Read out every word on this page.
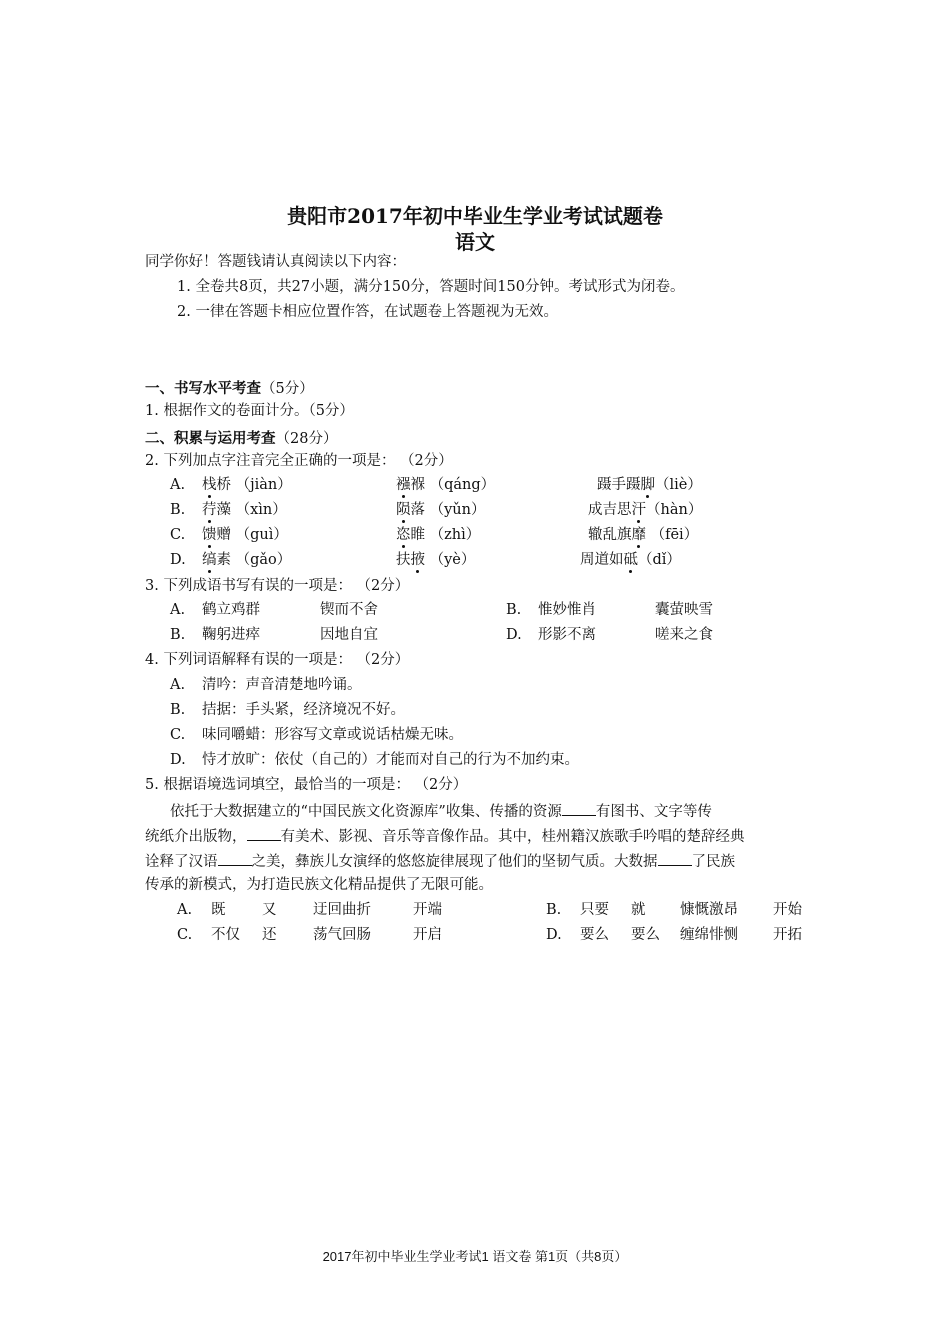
贵阳市2017年初中毕业生学业考试试题卷
语文
同学你好！答题钱请认真阅读以下内容：
1. 全卷共8页，共27小题，满分150分，答题时间150分钟。考试形式为闭卷。
2. 一律在答题卡相应位置作答，在试题卷上答题视为无效。
一、书写水平考查（5分）
1. 根据作文的卷面计分。（5分）
二、积累与运用考查（28分）
2. 下列加点字注音完全正确的一项是： （2分）
A. 栈桥 （jiàn）	襁褓 （qáng）	蹑手蹑脚（liè）
B. 荇藻 （xìn）	陨落 （yǔn）	成吉思汗（hàn）
C. 馈赠 （guì）	恣睢 （zhì）	辙乱旗靡 （fēi）
D. 缟素 （gǎo）	扶掖 （yè）	周道如砥（dǐ）
3. 下列成语书写有误的一项是： （2分）
A. 鹤立鸡群	锲而不舍	B. 惟妙惟肖	囊萤映雪
B. 鞠躬进瘁	因地自宜	D. 形影不离	嗟来之食
4. 下列词语解释有误的一项是： （2分）
A. 清吟：声音清楚地吟诵。
B. 拮据：手头紧，经济境况不好。
C. 味同嚼蜡：形容写文章或说话枯燥无味。
D. 恃才放旷：依仗（自己的）才能而对自己的行为不加约束。
5. 根据语境选词填空，最恰当的一项是： （2分）
依托于大数据建立的“中国民族文化资源库”收集、传播的资源 有图书、文字等传
统纸介出版物， 有美术、影视、音乐等音像作品。其中，桂州籍汉族歌手吟唱的楚辞经典
诠释了汉语 之美，彝族儿女演绎的悠悠旋律展现了他们的坚韧气质。大数据 了民族
传承的新模式，为打造民族文化精品提供了无限可能。
A. 既	又	迂回曲折	开端	B. 只要 就 慷慨激昂 开始
C. 不仅 还	荡气回肠	开启	D. 要么 要么 缠绵悱恻 开拓
2017年初中毕业生学业考试1 语文卷 第1页（共8页）
